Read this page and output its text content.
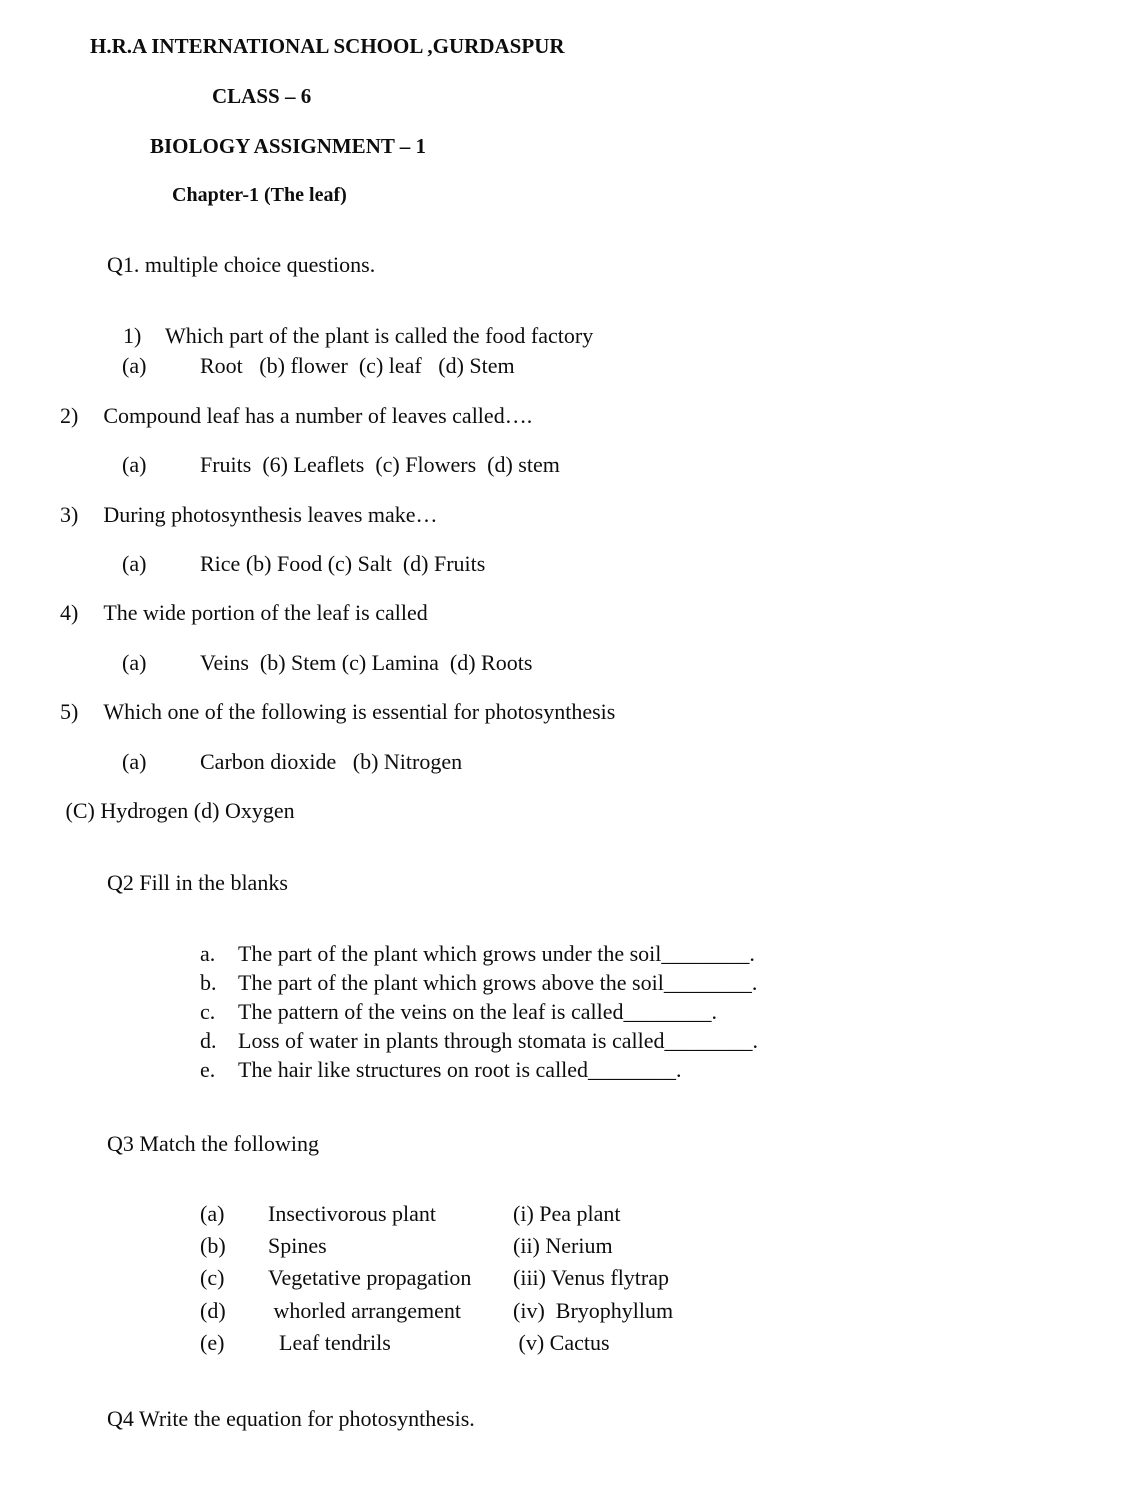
H.R.A INTERNATIONAL SCHOOL ,GURDASPUR
CLASS – 6
BIOLOGY ASSIGNMENT – 1
Chapter-1 (The leaf)

Q1. multiple choice questions.

1) Which part of the plant is called the food factory

(a) Root   (b) flower  (c) leaf   (d) Stem

2) Compound leaf has a number of leaves called….

(a) Fruits  (6) Leaflets  (c) Flowers  (d) stem

3) During photosynthesis leaves make…

(a) Rice (b) Food (c) Salt  (d) Fruits

4) The wide portion of the leaf is called

(a) Veins  (b) Stem (c) Lamina  (d) Roots

5) Which one of the following is essential for photosynthesis

(a) Carbon dioxide   (b) Nitrogen

(C) Hydrogen (d) Oxygen

Q2 Fill in the blanks

a. The part of the plant which grows under the soil________.
b. The part of the plant which grows above the soil________.
c. The pattern of the veins on the leaf is called________.
d. Loss of water in plants through stomata is called________.
e. The hair like structures on root is called________.

Q3 Match the following

(a)	Insectivorous plant	(i) Pea plant
(b)	Spines	(ii) Nerium
(c)	Vegetative propagation	(iii) Venus flytrap
(d)	whorled arrangement	(iv)  Bryophyllum
(e)	Leaf tendrils	(v) Cactus

Q4 Write the equation for photosynthesis.
